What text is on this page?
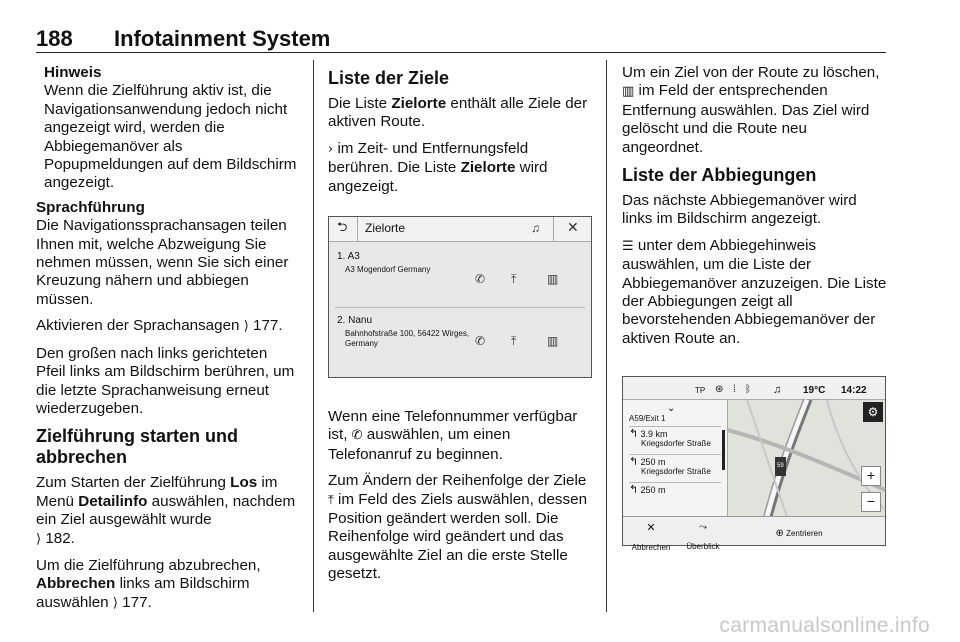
188 Infotainment System
Hinweis
Wenn die Zielführung aktiv ist, die Navigationsanwendung jedoch nicht angezeigt wird, werden die Abbiegemanöver als Popupmeldungen auf dem Bildschirm angezeigt.

Sprachführung

Die Navigationssprachansagen teilen Ihnen mit, welche Abzweigung Sie nehmen müssen, wenn Sie sich einer Kreuzung nähern und abbiegen müssen.

Aktivieren der Sprachansagen ⟩ 177.

Den großen nach links gerichteten Pfeil links am Bildschirm berühren, um die letzte Sprachanweisung erneut wiederzugeben.

Zielführung starten und abbrechen

Zum Starten der Zielführung Los im Menü Detailinfo auswählen, nachdem ein Ziel ausgewählt wurde
⟩ 182.

Um die Zielführung abzubrechen,
Abbrechen links am Bildschirm auswählen ⟩ 177.

Liste der Ziele

Die Liste Zielorte enthält alle Ziele der aktiven Route.

› im Zeit- und Entfernungsfeld berühren. Die Liste Zielorte wird angezeigt.

⮌ Zielorte	♫ ✕
1. A3
A3 Mogendorf Germany
✆ ⤒	▥
2. Nanu
Bahnhofstraße 100, 56422 Wirges, Germany	✆ ⤒	▥

Wenn eine Telefonnummer verfügbar ist, ✆ auswählen, um einen Telefonanruf zu beginnen.

Zum Ändern der Reihenfolge der Ziele ⤒ im Feld des Ziels auswählen, dessen Position geändert werden soll. Die Reihenfolge wird geändert und das ausgewählte Ziel an die erste Stelle gesetzt.

Um ein Ziel von der Route zu löschen, ▥ im Feld der entsprechenden Entfernung auswählen. Das Ziel wird gelöscht und die Route neu angeordnet.

Liste der Abbiegungen

Das nächste Abbiegemanöver wird links im Bildschirm angezeigt.

☰ unter dem Abbiegehinweis auswählen, um die Liste der Abbiegemanöver anzuzeigen. Die Liste der Abbiegungen zeigt all bevorstehenden Abbiegemanöver der aktiven Route an.

TP ⊛ ⁞ ᛒ ♫ 19°C 14:22
59
⚙
+
−
⌄
A59/Exit 1
↰ 3.9 km
Kriegsdorfer Straße
↰ 250 m
Kriegsdorfer Straße
↰ 250 m
✕
Abbrechen
⤳
Überblick
⊕ Zentrieren
carmanualsonline.info
